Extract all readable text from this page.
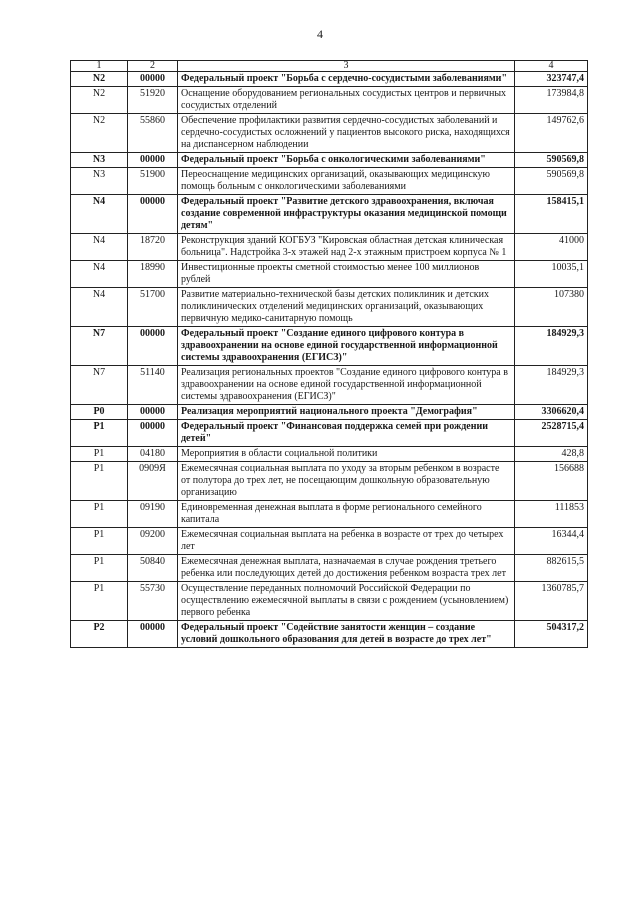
4
1	2	3	4
N2	00000	Федеральный проект "Борьба с сердечно-сосудистыми заболеваниями"	323747,4
N2	51920	Оснащение оборудованием региональных сосудистых центров и первичных сосудистых отделений	173984,8
N2	55860	Обеспечение профилактики развития сердечно-сосудистых заболеваний и сердечно-сосудистых осложнений у пациентов высокого риска, находящихся на диспансерном наблюдении	149762,6
N3	00000	Федеральный проект "Борьба с онкологическими заболеваниями"	590569,8
N3	51900	Переоснащение медицинских организаций, оказывающих медицинскую помощь больным с онкологическими заболеваниями	590569,8
N4	00000	Федеральный проект "Развитие детского здравоохранения, включая создание современной инфраструктуры оказания медицинской помощи детям"	158415,1
N4	18720	Реконструкция зданий КОГБУЗ "Кировская областная детская клиническая больница". Надстройка 3-х этажей над 2-х этажным пристроем корпуса № 1	41000
N4	18990	Инвестиционные проекты сметной стоимостью менее 100 миллионов рублей	10035,1
N4	51700	Развитие материально-технической базы детских поликлиник и детских поликлинических отделений медицинских организаций, оказывающих первичную медико-санитарную помощь	107380
N7	00000	Федеральный проект "Создание единого цифрового контура в здравоохранении на основе единой государственной информационной системы здравоохранения (ЕГИСЗ)"	184929,3
N7	51140	Реализация региональных проектов "Создание единого цифрового контура в здравоохранении на основе единой государственной информационной системы здравоохранения (ЕГИСЗ)"	184929,3
P0	00000	Реализация мероприятий национального проекта "Демография"	3306620,4
P1	00000	Федеральный проект "Финансовая поддержка семей при рождении детей"	2528715,4
P1	04180	Мероприятия в области социальной политики	428,8
P1	0909Я	Ежемесячная социальная выплата по уходу за вторым ребенком в возрасте от полутора до трех лет, не посещающим дошкольную образовательную организацию	156688
P1	09190	Единовременная денежная выплата в форме регионального семейного капитала	111853
P1	09200	Ежемесячная социальная выплата на ребенка в возрасте от трех до четырех лет	16344,4
P1	50840	Ежемесячная денежная выплата, назначаемая в случае рождения третьего ребенка или последующих детей до достижения ребенком возраста трех лет	882615,5
P1	55730	Осуществление переданных полномочий Российской Федерации по осуществлению ежемесячной выплаты в связи с рождением (усыновлением) первого ребенка	1360785,7
P2	00000	Федеральный проект "Содействие занятости женщин – создание условий дошкольного образования для детей в возрасте до трех лет"	504317,2
